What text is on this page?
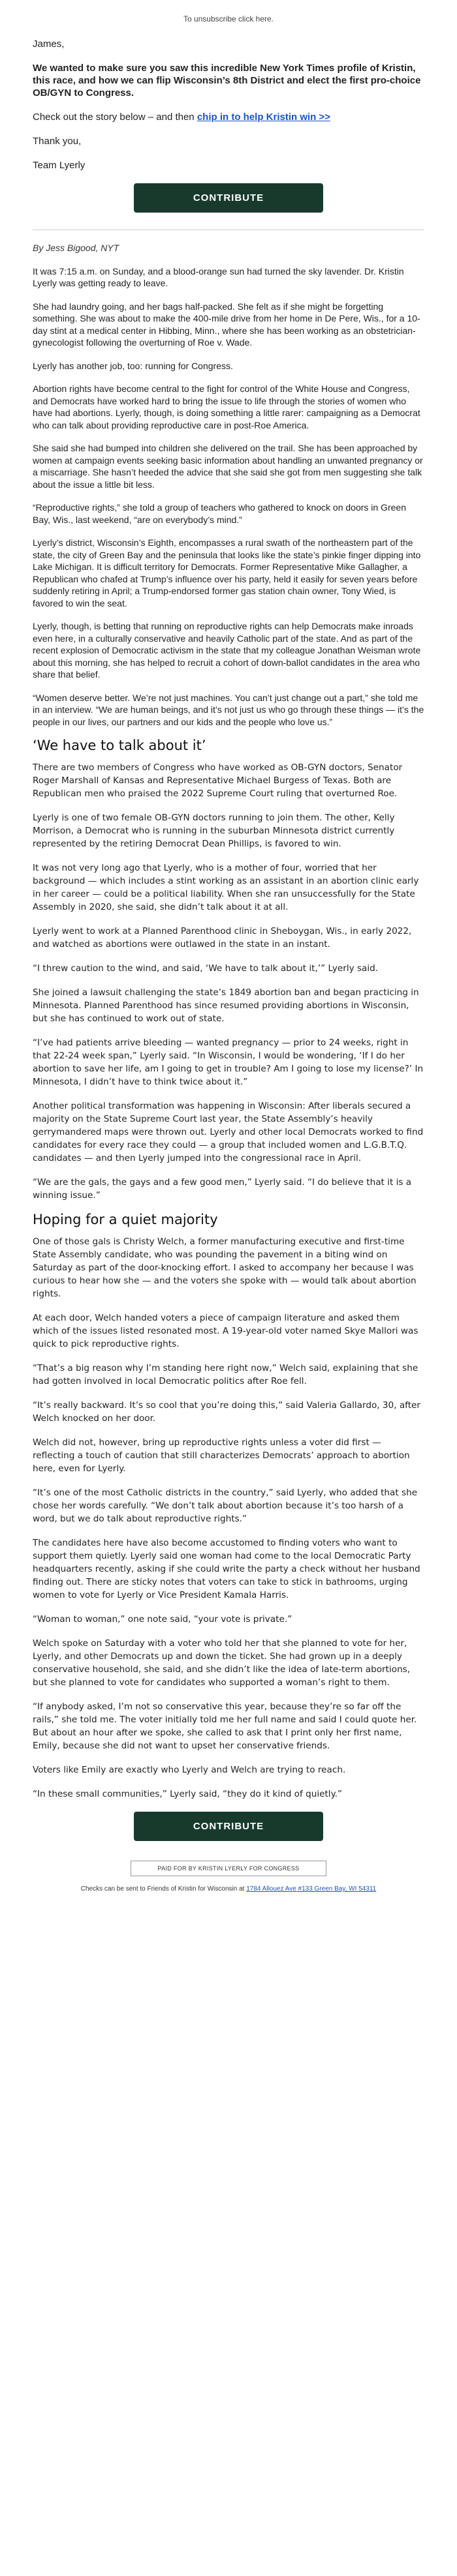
To unsubscribe click here.

James,

We wanted to make sure you saw this incredible New York Times profile of Kristin, this race, and how we can flip Wisconsin’s 8th District and elect the first pro-choice OB/GYN to Congress.

Check out the story below – and then chip in to help Kristin win >>

Thank you,

Team Lyerly

CONTRIBUTE

By Jess Bigood, NYT

It was 7:15 a.m. on Sunday, and a blood-orange sun had turned the sky lavender. Dr. Kristin Lyerly was getting ready to leave.

She had laundry going, and her bags half-packed. She felt as if she might be forgetting something. She was about to make the 400-mile drive from her home in De Pere, Wis., for a 10-day stint at a medical center in Hibbing, Minn., where she has been working as an obstetrician-gynecologist following the overturning of Roe v. Wade.

Lyerly has another job, too: running for Congress.

Abortion rights have become central to the fight for control of the White House and Congress, and Democrats have worked hard to bring the issue to life through the stories of women who have had abortions. Lyerly, though, is doing something a little rarer: campaigning as a Democrat who can talk about providing reproductive care in post-Roe America.

She said she had bumped into children she delivered on the trail. She has been approached by women at campaign events seeking basic information about handling an unwanted pregnancy or a miscarriage. She hasn’t heeded the advice that she said she got from men suggesting she talk about the issue a little bit less.

“Reproductive rights,” she told a group of teachers who gathered to knock on doors in Green Bay, Wis., last weekend, “are on everybody’s mind.”

Lyerly’s district, Wisconsin’s Eighth, encompasses a rural swath of the northeastern part of the state, the city of Green Bay and the peninsula that looks like the state’s pinkie finger dipping into Lake Michigan. It is difficult territory for Democrats. Former Representative Mike Gallagher, a Republican who chafed at Trump’s influence over his party, held it easily for seven years before suddenly retiring in April; a Trump-endorsed former gas station chain owner, Tony Wied, is favored to win the seat.

Lyerly, though, is betting that running on reproductive rights can help Democrats make inroads even here, in a culturally conservative and heavily Catholic part of the state. And as part of the recent explosion of Democratic activism in the state that my colleague Jonathan Weisman wrote about this morning, she has helped to recruit a cohort of down-ballot candidates in the area who share that belief.

“Women deserve better. We’re not just machines. You can’t just change out a part,” she told me in an interview. “We are human beings, and it’s not just us who go through these things — it’s the people in our lives, our partners and our kids and the people who love us.”

‘We have to talk about it’

There are two members of Congress who have worked as OB-GYN doctors, Senator Roger Marshall of Kansas and Representative Michael Burgess of Texas. Both are Republican men who praised the 2022 Supreme Court ruling that overturned Roe.

Lyerly is one of two female OB-GYN doctors running to join them. The other, Kelly Morrison, a Democrat who is running in the suburban Minnesota district currently represented by the retiring Democrat Dean Phillips, is favored to win.

It was not very long ago that Lyerly, who is a mother of four, worried that her background — which includes a stint working as an assistant in an abortion clinic early in her career — could be a political liability. When she ran unsuccessfully for the State Assembly in 2020, she said, she didn’t talk about it at all.

Lyerly went to work at a Planned Parenthood clinic in Sheboygan, Wis., in early 2022, and watched as abortions were outlawed in the state in an instant.

“I threw caution to the wind, and said, ‘We have to talk about it,’” Lyerly said.

She joined a lawsuit challenging the state’s 1849 abortion ban and began practicing in Minnesota. Planned Parenthood has since resumed providing abortions in Wisconsin, but she has continued to work out of state.

“I’ve had patients arrive bleeding — wanted pregnancy — prior to 24 weeks, right in that 22-24 week span,” Lyerly said. “In Wisconsin, I would be wondering, ‘If I do her abortion to save her life, am I going to get in trouble? Am I going to lose my license?’ In Minnesota, I didn’t have to think twice about it.”

Another political transformation was happening in Wisconsin: After liberals secured a majority on the State Supreme Court last year, the State Assembly’s heavily gerrymandered maps were thrown out. Lyerly and other local Democrats worked to find candidates for every race they could — a group that included women and L.G.B.T.Q. candidates — and then Lyerly jumped into the congressional race in April.

“We are the gals, the gays and a few good men,” Lyerly said. “I do believe that it is a winning issue.”

Hoping for a quiet majority

One of those gals is Christy Welch, a former manufacturing executive and first-time State Assembly candidate, who was pounding the pavement in a biting wind on Saturday as part of the door-knocking effort. I asked to accompany her because I was curious to hear how she — and the voters she spoke with — would talk about abortion rights.

At each door, Welch handed voters a piece of campaign literature and asked them which of the issues listed resonated most. A 19-year-old voter named Skye Mallori was quick to pick reproductive rights.

“That’s a big reason why I’m standing here right now,” Welch said, explaining that she had gotten involved in local Democratic politics after Roe fell.

“It’s really backward. It’s so cool that you’re doing this,” said Valeria Gallardo, 30, after Welch knocked on her door.

Welch did not, however, bring up reproductive rights unless a voter did first — reflecting a touch of caution that still characterizes Democrats’ approach to abortion here, even for Lyerly.

“It’s one of the most Catholic districts in the country,” said Lyerly, who added that she chose her words carefully. “We don’t talk about abortion because it’s too harsh of a word, but we do talk about reproductive rights.”

The candidates here have also become accustomed to finding voters who want to support them quietly. Lyerly said one woman had come to the local Democratic Party headquarters recently, asking if she could write the party a check without her husband finding out. There are sticky notes that voters can take to stick in bathrooms, urging women to vote for Lyerly or Vice President Kamala Harris.

“Woman to woman,” one note said, “your vote is private.”

Welch spoke on Saturday with a voter who told her that she planned to vote for her, Lyerly, and other Democrats up and down the ticket. She had grown up in a deeply conservative household, she said, and she didn’t like the idea of late-term abortions, but she planned to vote for candidates who supported a woman’s right to them.

“If anybody asked, I’m not so conservative this year, because they’re so far off the rails,” she told me. The voter initially told me her full name and said I could quote her. But about an hour after we spoke, she called to ask that I print only her first name, Emily, because she did not want to upset her conservative friends.

Voters like Emily are exactly who Lyerly and Welch are trying to reach.

“In these small communities,” Lyerly said, “they do it kind of quietly.”

CONTRIBUTE
PAID FOR BY KRISTIN LYERLY FOR CONGRESS
Checks can be sent to Friends of Kristin for Wisconsin at 1784 Allouez Ave #133 Green Bay, WI 54311
